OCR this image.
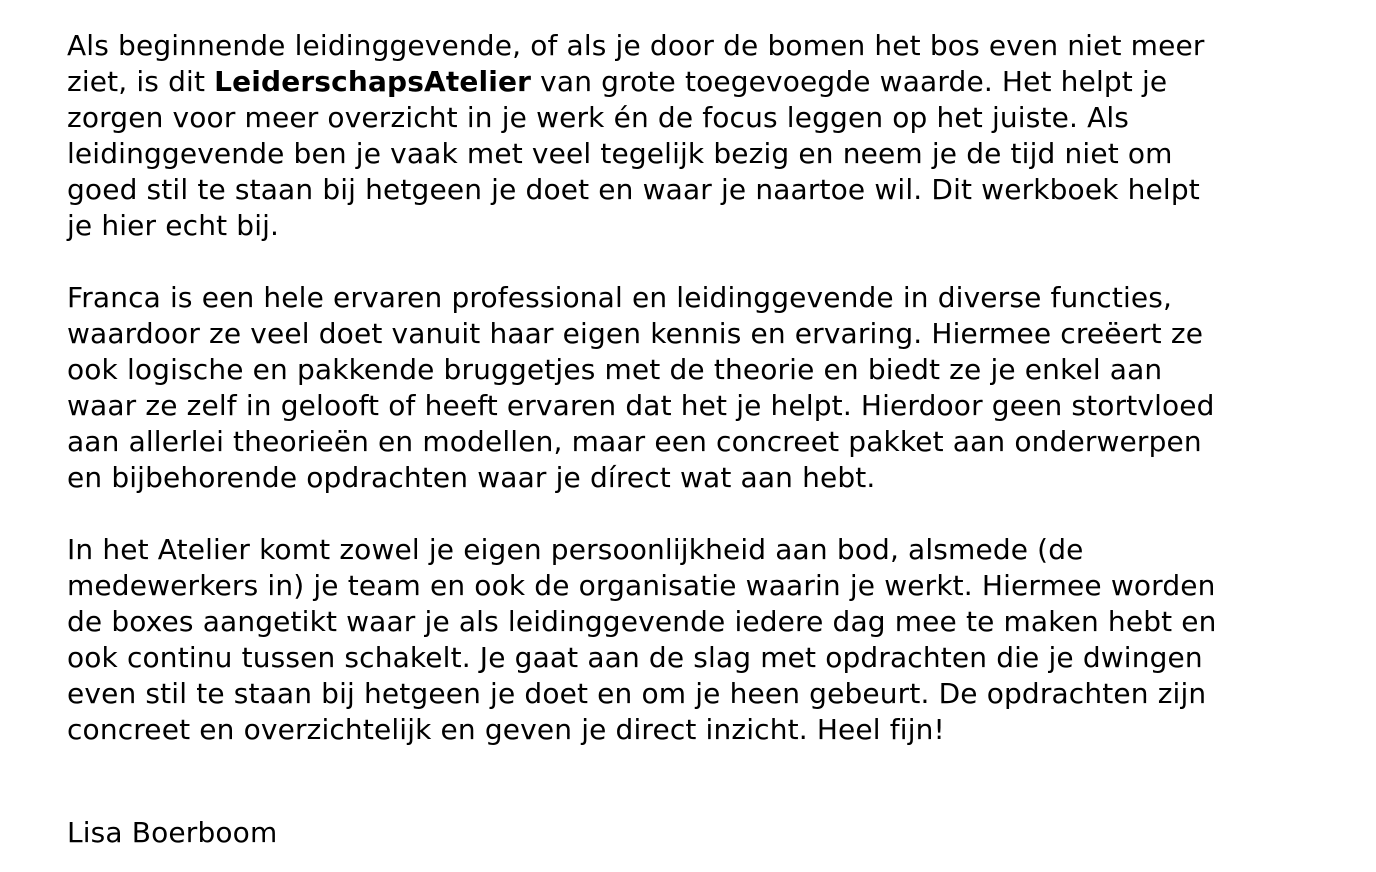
Als beginnende leidinggevende, of als je door de bomen het bos even niet meer
ziet, is dit LeiderschapsAtelier van grote toegevoegde waarde. Het helpt je
zorgen voor meer overzicht in je werk én de focus leggen op het juiste. Als
leidinggevende ben je vaak met veel tegelijk bezig en neem je de tijd niet om
goed stil te staan bij hetgeen je doet en waar je naartoe wil. Dit werkboek helpt
je hier echt bij.

Franca is een hele ervaren professional en leidinggevende in diverse functies,
waardoor ze veel doet vanuit haar eigen kennis en ervaring. Hiermee creëert ze
ook logische en pakkende bruggetjes met de theorie en biedt ze je enkel aan
waar ze zelf in gelooft of heeft ervaren dat het je helpt. Hierdoor geen stortvloed
aan allerlei theorieën en modellen, maar een concreet pakket aan onderwerpen
en bijbehorende opdrachten waar je dírect wat aan hebt.

In het Atelier komt zowel je eigen persoonlijkheid aan bod, alsmede (de
medewerkers in) je team en ook de organisatie waarin je werkt. Hiermee worden
de boxes aangetikt waar je als leidinggevende iedere dag mee te maken hebt en
ook continu tussen schakelt. Je gaat aan de slag met opdrachten die je dwingen
even stil te staan bij hetgeen je doet en om je heen gebeurt. De opdrachten zijn
concreet en overzichtelijk en geven je direct inzicht. Heel fijn!

Lisa Boerboom
